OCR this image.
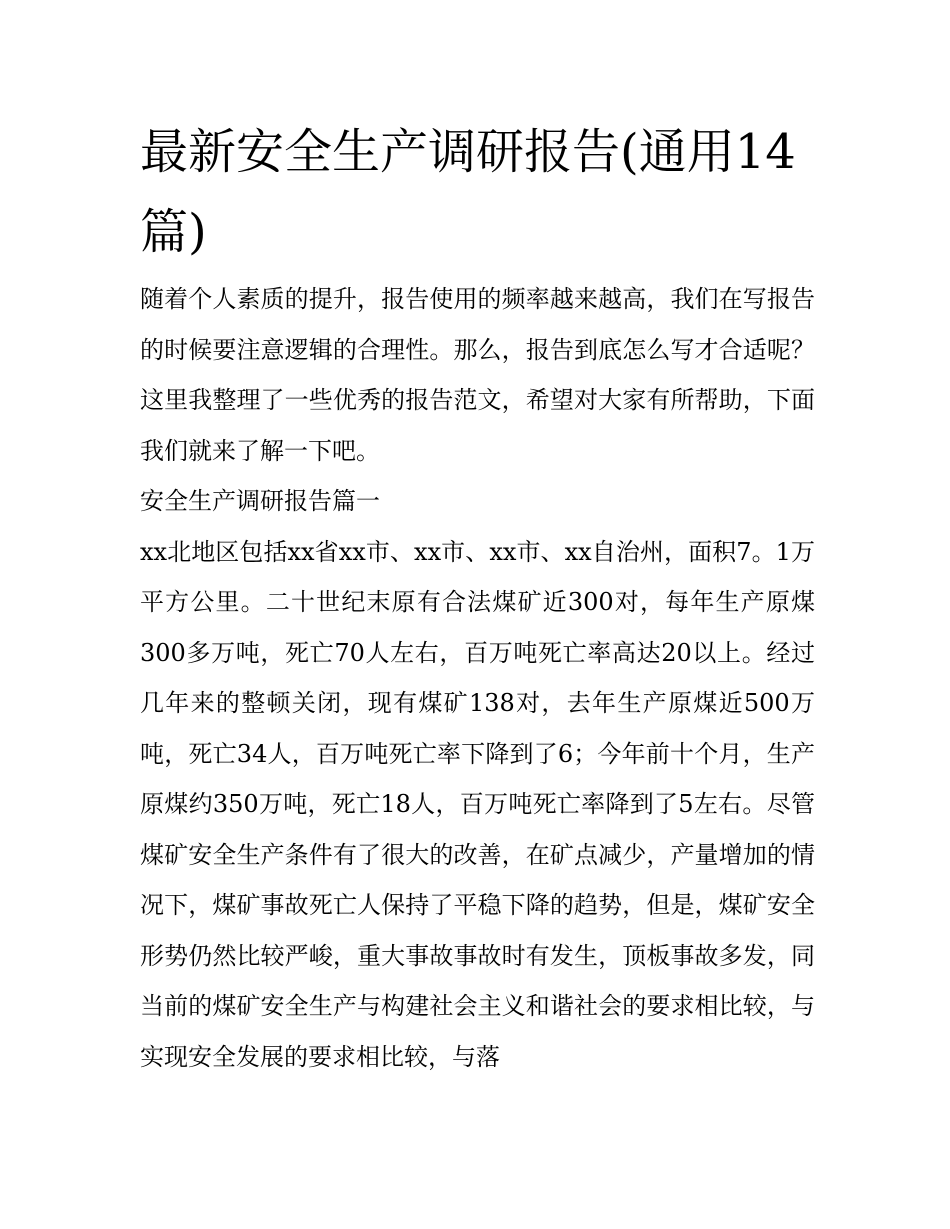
最新安全生产调研报告(通用14篇)

随着个人素质的提升，报告使用的频率越来越高，我们在写报告的时候要注意逻辑的合理性。那么，报告到底怎么写才合适呢？这里我整理了一些优秀的报告范文，希望对大家有所帮助，下面我们就来了解一下吧。

安全生产调研报告篇一

xx北地区包括xx省xx市、xx市、xx市、xx自治州，面积7。1万平方公里。二十世纪末原有合法煤矿近300对，每年生产原煤300多万吨，死亡70人左右，百万吨死亡率高达20以上。经过几年来的整顿关闭，现有煤矿138对，去年生产原煤近500万吨，死亡34人，百万吨死亡率下降到了6；今年前十个月，生产原煤约350万吨，死亡18人，百万吨死亡率降到了5左右。尽管煤矿安全生产条件有了很大的改善，在矿点减少，产量增加的情况下，煤矿事故死亡人保持了平稳下降的趋势，但是，煤矿安全形势仍然比较严峻，重大事故事故时有发生，顶板事故多发，同当前的煤矿安全生产与构建社会主义和谐社会的要求相比较，与实现安全发展的要求相比较，与落
